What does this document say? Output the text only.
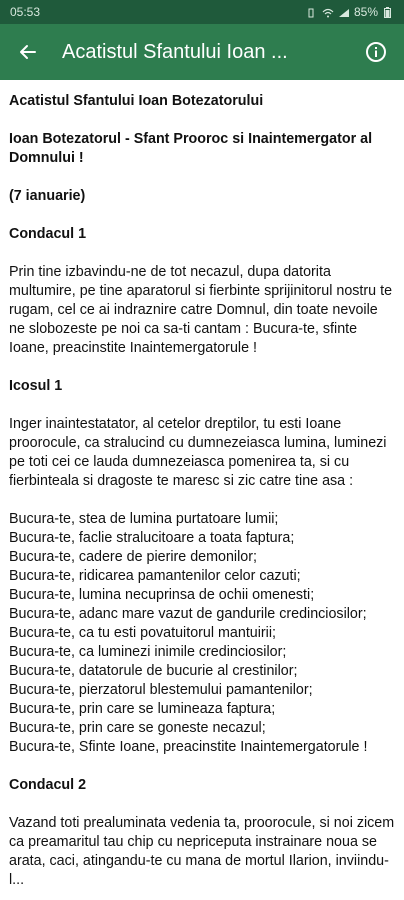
05:53	85%
Acatistul Sfantului Ioan ...

Acatistul Sfantului Ioan Botezatorului

Ioan Botezatorul - Sfant Prooroc si Inaintemergator al Domnului !

(7 ianuarie)

Condacul 1

Prin tine izbavindu-ne de tot necazul, dupa datorita multumire, pe tine aparatorul si fierbinte sprijinitorul nostru te rugam, cel ce ai indraznire catre Domnul, din toate nevoile ne slobozeste pe noi ca sa-ti cantam : Bucura-te, sfinte Ioane, preacinstite Inaintemergatorule !

Icosul 1

Inger inaintestatator, al cetelor dreptilor, tu esti Ioane proorocule, ca stralucind cu dumnezeiasca lumina, luminezi pe toti cei ce lauda dumnezeiasca pomenirea ta, si cu fierbinteala si dragoste te maresc si zic catre tine asa :

Bucura-te, stea de lumina purtatoare lumii;
Bucura-te, faclie stralucitoare a toata faptura;
Bucura-te, cadere de pierire demonilor;
Bucura-te, ridicarea pamantenilor celor cazuti;
Bucura-te, lumina necuprinsa de ochii omenesti;
Bucura-te, adanc mare vazut de gandurile credinciosilor;
Bucura-te, ca tu esti povatuitorul mantuirii;
Bucura-te, ca luminezi inimile credinciosilor;
Bucura-te, datatorule de bucurie al crestinilor;
Bucura-te, pierzatorul blestemului pamantenilor;
Bucura-te, prin care se lumineaza faptura;
Bucura-te, prin care se goneste necazul;

Bucura-te, Sfinte Ioane, preacinstite Inaintemergatorule !

Condacul 2

Vazand toti prealuminata vedenia ta, proorocule, si noi zicem ca preamaritul tau chip cu nepriceputa instrainare noua se arata, caci, atingandu-te cu mana de mortul Ilarion, inviindu-l...
